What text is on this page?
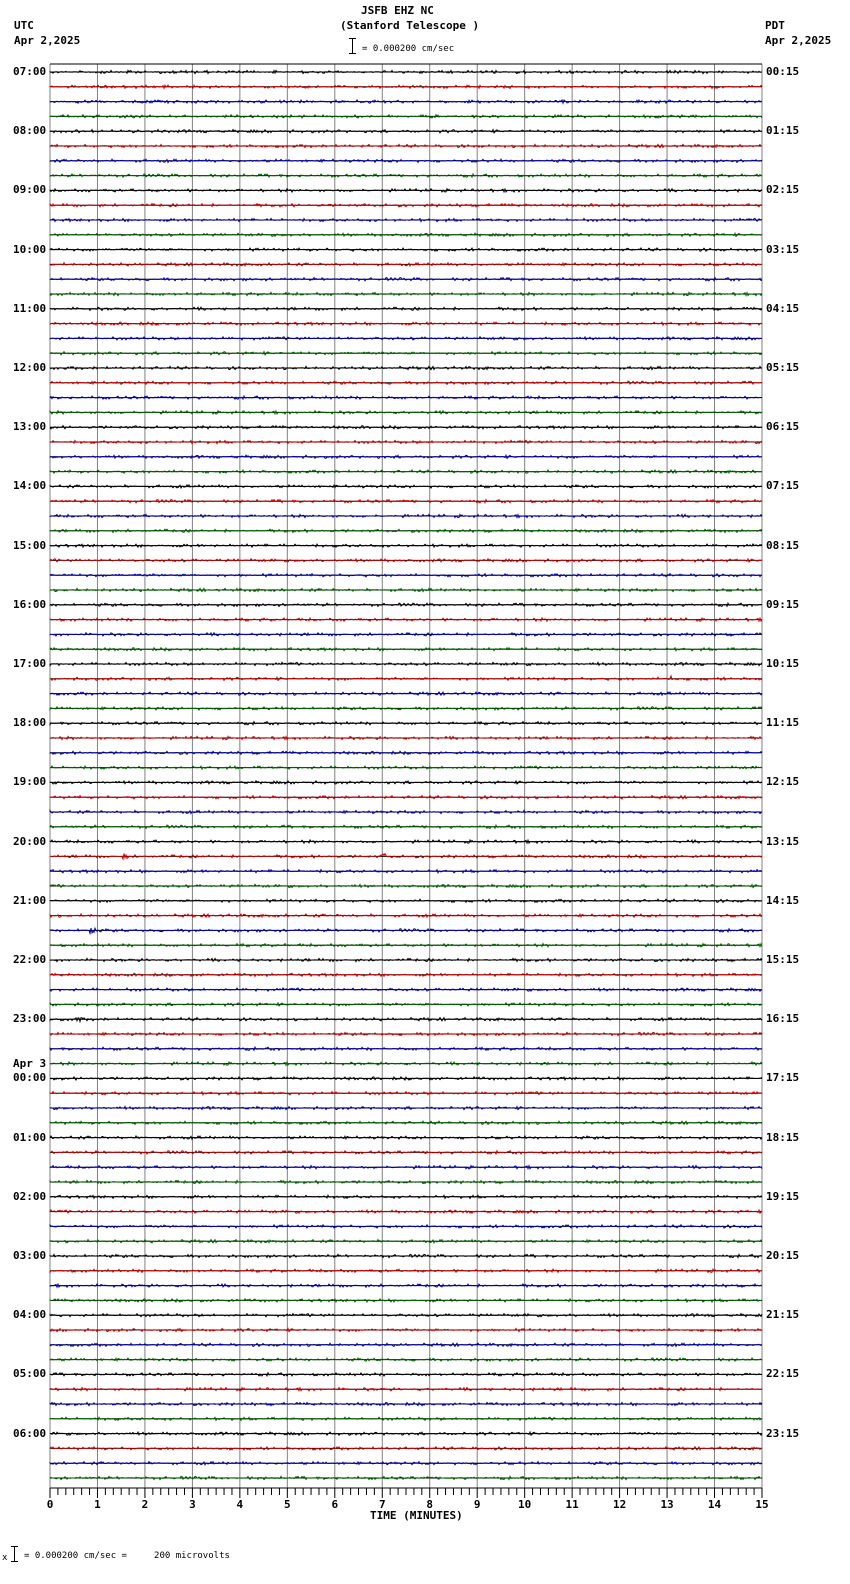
JSFB EHZ NC
(Stanford Telescope )
UTC
Apr 2,2025
PDT
Apr 2,2025
= 0.000200 cm/sec
07:00
08:00
09:00
10:00
11:00
12:00
13:00
14:00
15:00
16:00
17:00
18:00
19:00
20:00
21:00
22:00
23:00
00:00
Apr 3
01:00
02:00
03:00
04:00
05:00
06:00
00:15
01:15
02:15
03:15
04:15
05:15
06:15
07:15
08:15
09:15
10:15
11:15
12:15
13:15
14:15
15:15
16:15
17:15
18:15
19:15
20:15
21:15
22:15
23:15
0	1	2	3	4	5	6	7	8	9	10	11	12	13	14	15
TIME (MINUTES)
x = 0.000200 cm/sec =     200 microvolts
